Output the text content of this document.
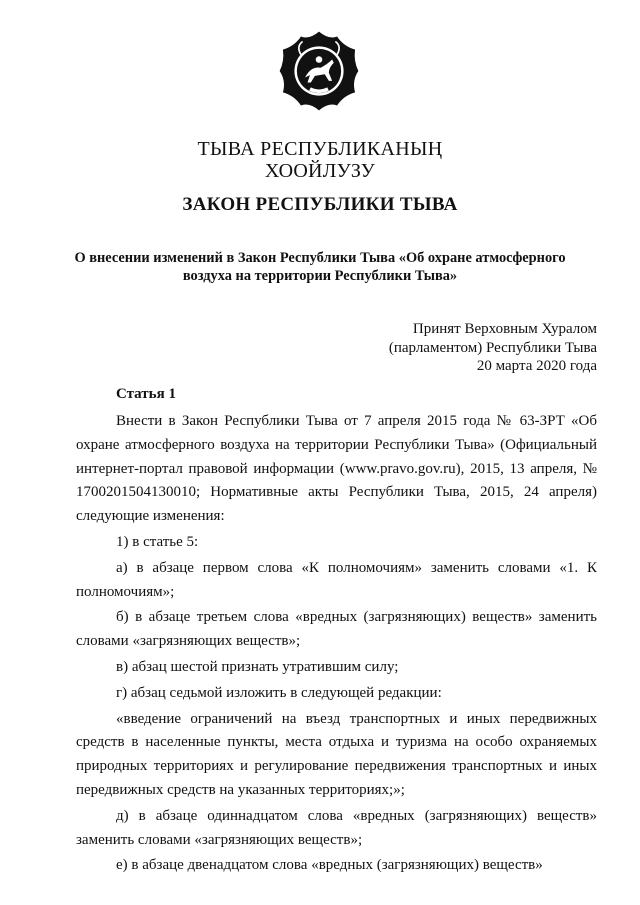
ТЫВА РЕСПУБЛИКАНЫҢ
ХООЙЛУЗУ
ЗАКОН РЕСПУБЛИКИ ТЫВА
О внесении изменений в Закон Республики Тыва «Об охране атмосферного
воздуха на территории Республики Тыва»
Принят Верховным Хуралом
(парламентом) Республики Тыва
20 марта 2020 года
Статья 1

Внести в Закон Республики Тыва от 7 апреля 2015 года № 63-ЗРТ «Об охране атмосферного воздуха на территории Республики Тыва» (Официальный интернет-портал правовой информации (www.pravo.gov.ru), 2015, 13 апреля, № 1700201504130010; Нормативные акты Республики Тыва, 2015, 24 апреля) следующие изменения:

1) в статье 5:

а) в абзаце первом слова «К полномочиям» заменить словами «1. К полномочиям»;

б) в абзаце третьем слова «вредных (загрязняющих) веществ» заменить словами «загрязняющих веществ»;

в) абзац шестой признать утратившим силу;

г) абзац седьмой изложить в следующей редакции:

«введение ограничений на въезд транспортных и иных передвижных средств в населенные пункты, места отдыха и туризма на особо охраняемых природных территориях и регулирование передвижения транспортных и иных передвижных средств на указанных территориях;»;

д) в абзаце одиннадцатом слова «вредных (загрязняющих) веществ» заменить словами «загрязняющих веществ»;

е) в абзаце двенадцатом слова «вредных (загрязняющих) веществ»
